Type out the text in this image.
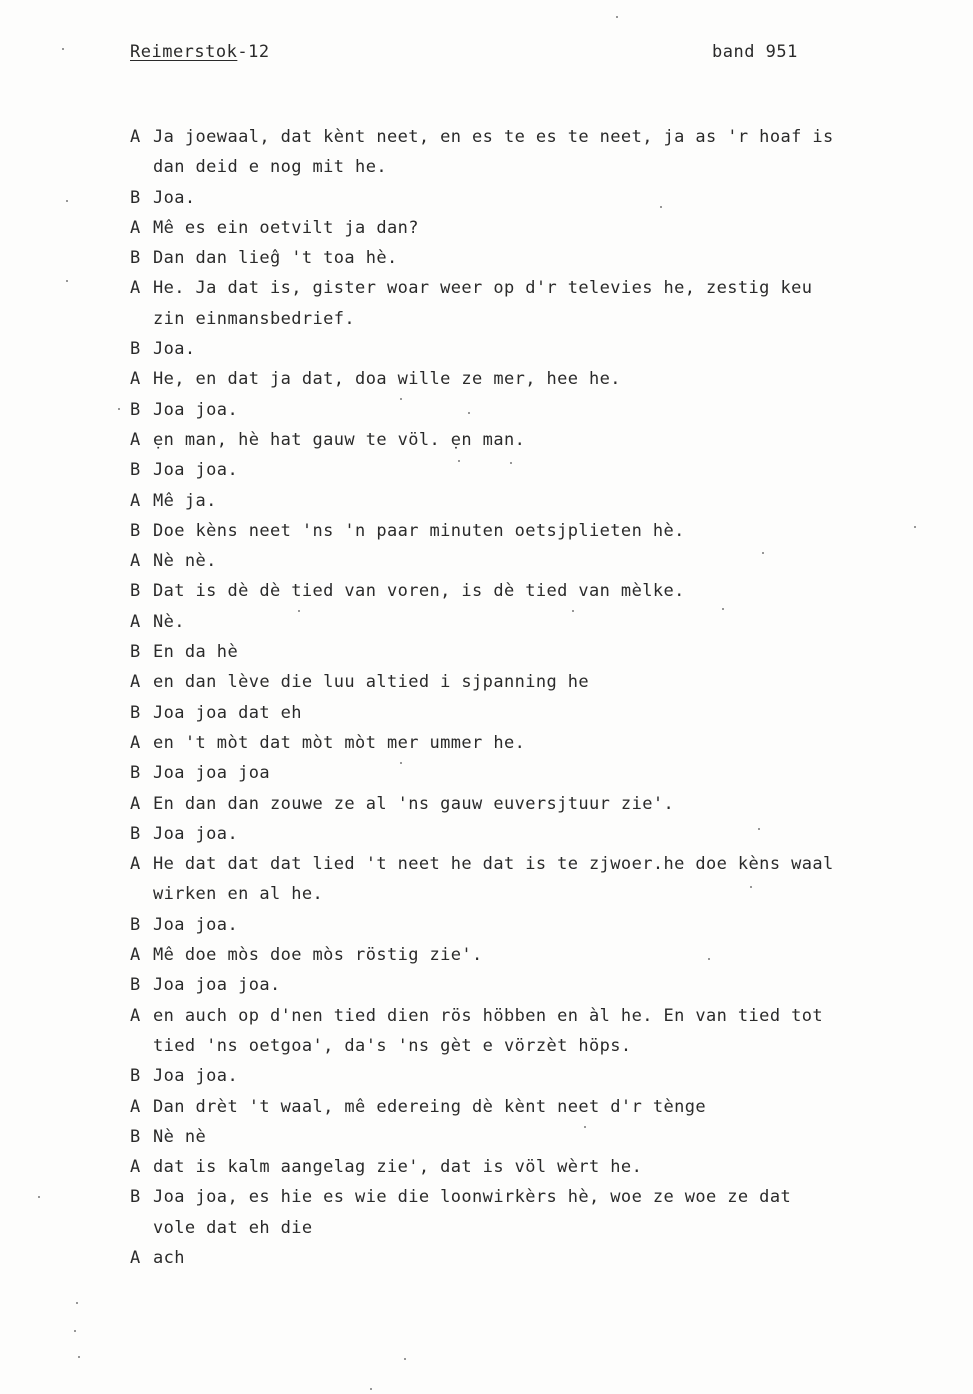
Reimerstok-12	band 951
A Ja joewaal, dat kènt neet, en es te es te neet, ja as 'r hoaf is
dan deid e nog mit he.
B Joa.
A Mê es ein oetvilt ja dan?
B Dan dan lieĝ 't toa hè.
A He. Ja dat is, gister woar weer op d'r televies he, zestig keu
zin einmansbedrief.
B Joa.
A He, en dat ja dat, doa wille ze mer, hee he.
B Joa joa.
A ẹn man, hè hat gauw te völ. ẹn man.
B Joa joa.
A Mê ja.
B Doe kèns neet 'ns 'n paar minuten oetsjplieten hè.
A Nè nè.
B Dat is dè dè tied van voren, is dè tied van mèlke.
A Nè.
B En da hè
A en dan lève die luu altied i sjpanning he
B Joa joa dat eh
A en 't mòt dat mòt mòt mer ummer he.
B Joa joa joa
A En dan dan zouwe ze al 'ns gauw euversjtuur zie'.
B Joa joa.
A He dat dat dat lied 't neet he dat is te zjwoer.he doe kèns waal
wirken en al he.
B Joa joa.
A Mê doe mòs doe mòs röstig zie'.
B Joa joa joa.
A en auch op d'nen tied dien rös höbben en àl he. En van tied tot
tied 'ns oetgoa', da's 'ns gèt e vörzèt höps.
B Joa joa.
A Dan drèt 't waal, mê edereing dè kènt neet d'r tènge
B Nè nè
A dat is kalm aangelag zie', dat is völ wèrt he.
B Joa joa, es hie es wie die loonwirkèrs hè, woe ze woe ze dat
vole dat eh die
A ach
